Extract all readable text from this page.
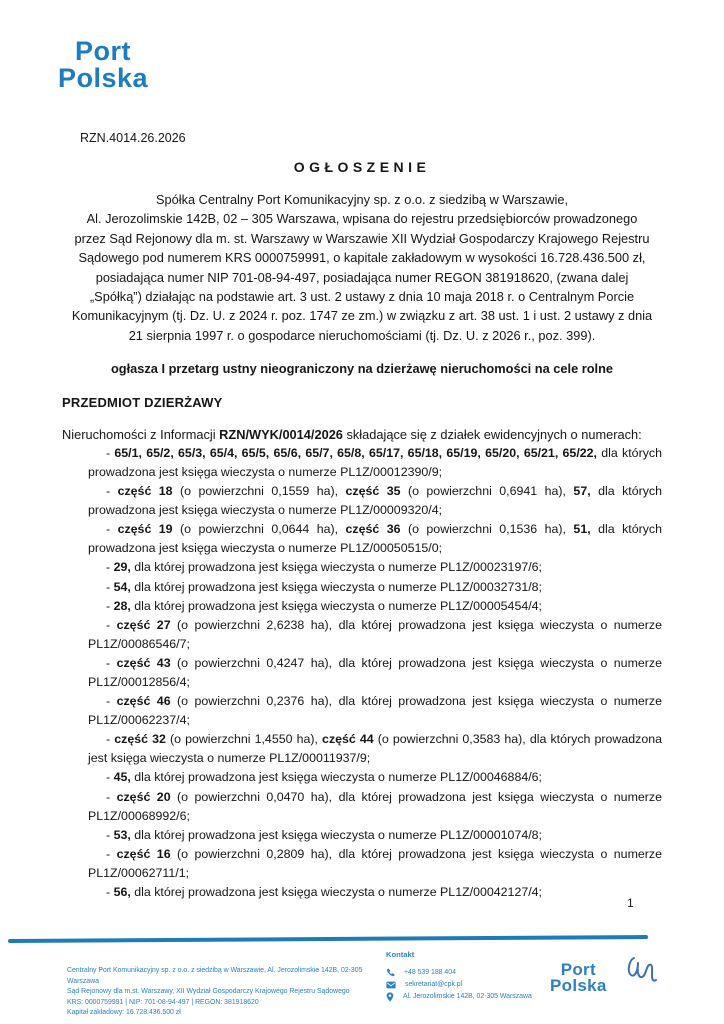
Port
Polska
RZN.4014.26.2026
OGŁOSZENIE
Spółka Centralny Port Komunikacyjny sp. z o.o. z siedzibą w Warszawie,
Al. Jerozolimskie 142B, 02 – 305 Warszawa, wpisana do rejestru przedsiębiorców prowadzonego
przez Sąd Rejonowy dla m. st. Warszawy w Warszawie XII Wydział Gospodarczy Krajowego Rejestru
Sądowego pod numerem KRS 0000759991, o kapitale zakładowym w wysokości 16.728.436.500 zł,
posiadająca numer NIP 701-08-94-497, posiadająca numer REGON 381918620, (zwana dalej
„Spółką”) działając na podstawie art. 3 ust. 2 ustawy z dnia 10 maja 2018 r. o Centralnym Porcie
Komunikacyjnym (tj. Dz. U. z 2024 r. poz. 1747 ze zm.) w związku z art. 38 ust. 1 i ust. 2 ustawy z dnia
21 sierpnia 1997 r. o gospodarce nieruchomościami (tj. Dz. U. z 2026 r., poz. 399).
ogłasza I przetarg ustny nieograniczony na dzierżawę nieruchomości na cele rolne
PRZEDMIOT DZIERŻAWY
Nieruchomości z Informacji RZN/WYK/0014/2026 składające się z działek ewidencyjnych o numerach:
- 65/1, 65/2, 65/3, 65/4, 65/5, 65/6, 65/7, 65/8, 65/17, 65/18, 65/19, 65/20, 65/21, 65/22, dla których prowadzona jest księga wieczysta o numerze PL1Z/00012390/9;
- część 18 (o powierzchni 0,1559 ha), część 35 (o powierzchni 0,6941 ha), 57, dla których prowadzona jest księga wieczysta o numerze PL1Z/00009320/4;
- część 19 (o powierzchni 0,0644 ha), część 36 (o powierzchni 0,1536 ha), 51, dla których prowadzona jest księga wieczysta o numerze PL1Z/00050515/0;
- 29, dla której prowadzona jest księga wieczysta o numerze PL1Z/00023197/6;
- 54, dla której prowadzona jest księga wieczysta o numerze PL1Z/00032731/8;
- 28, dla której prowadzona jest księga wieczysta o numerze PL1Z/00005454/4;
- część 27 (o powierzchni 2,6238 ha), dla której prowadzona jest księga wieczysta o numerze PL1Z/00086546/7;
- część 43 (o powierzchni 0,4247 ha), dla której prowadzona jest księga wieczysta o numerze PL1Z/00012856/4;
- część 46 (o powierzchni 0,2376 ha), dla której prowadzona jest księga wieczysta o numerze PL1Z/00062237/4;
- część 32 (o powierzchni 1,4550 ha), część 44 (o powierzchni 0,3583 ha), dla których prowadzona jest księga wieczysta o numerze PL1Z/00011937/9;
- 45, dla której prowadzona jest księga wieczysta o numerze PL1Z/00046884/6;
- część 20 (o powierzchni 0,0470 ha), dla której prowadzona jest księga wieczysta o numerze PL1Z/00068992/6;
- 53, dla której prowadzona jest księga wieczysta o numerze PL1Z/00001074/8;
- część 16 (o powierzchni 0,2809 ha), dla której prowadzona jest księga wieczysta o numerze PL1Z/00062711/1;
- 56, dla której prowadzona jest księga wieczysta o numerze PL1Z/00042127/4;
1
Centralny Port Komunikacyjny sp. z o.o. z siedzibą w Warszawie, Al. Jerozolimskie 142B, 02-305 Warszawa
Sąd Rejonowy dla m.st. Warszawy, XII Wydział Gospodarczy Krajowego Rejestru Sądowego
KRS: 0000759991 | NIP: 701-08-94-497 | REGON: 381918620
Kapitał zakładowy: 16.728.436.500 zł
Kontakt
+48 539 188 404
sekretariat@cpk.pl
Al. Jerozolimskie 142B, 02-305 Warszawa
Port
Polska
